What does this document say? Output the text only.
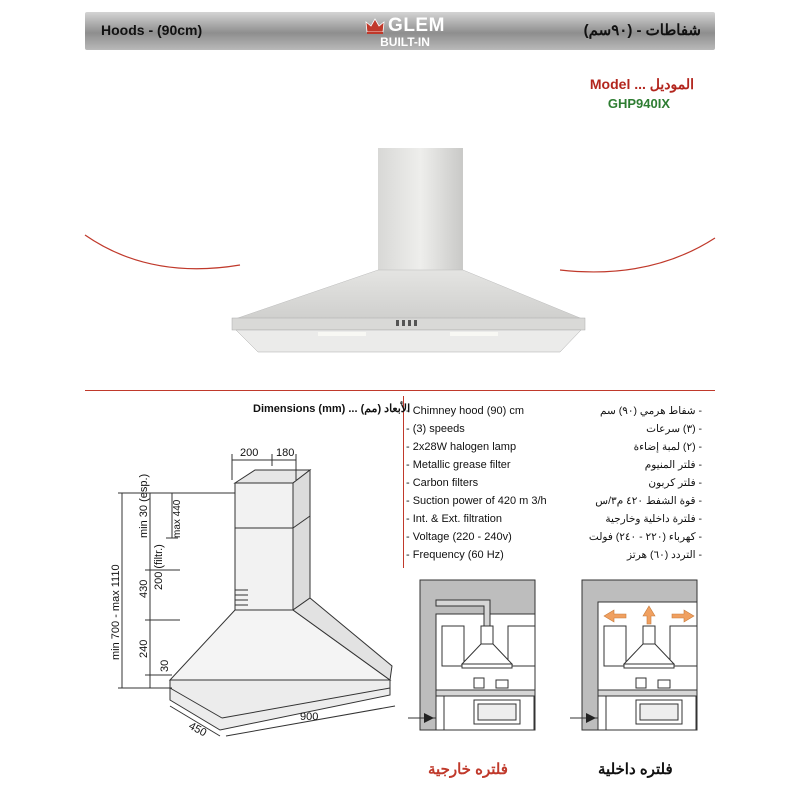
Hoods - (90cm)	GLEM
BUILT-IN
شفاطات - (٩٠سم)
Model ... الموديل
GHP940IX
Dimensions (mm) ... الأبعاد (مم)
200 180
min 30 (esp.) max 440
200 (filtr.)
430
240
30
min 700 - max 1110
450
900
- Chimney hood (90) cm	- شفاط هرمي (٩٠) سم
- (3) speeds	- (٣) سرعات
- 2x28W halogen lamp	- (٢) لمبة إضاءة
- Metallic grease filter	- فلتر المنيوم
- Carbon filters	- فلتر كربون
- Suction power of 420 m 3/h	- قوة الشفط ٤٢٠ م٣/س
- Int. & Ext. filtration	- فلترة داخلية وخارجية
- Voltage (220 - 240v)	- كهرباء (٢٢٠ - ٢٤٠) فولت
- Frequency (60 Hz)	- التردد (٦٠) هرتز
فلتره خارجية	فلتره داخلية
